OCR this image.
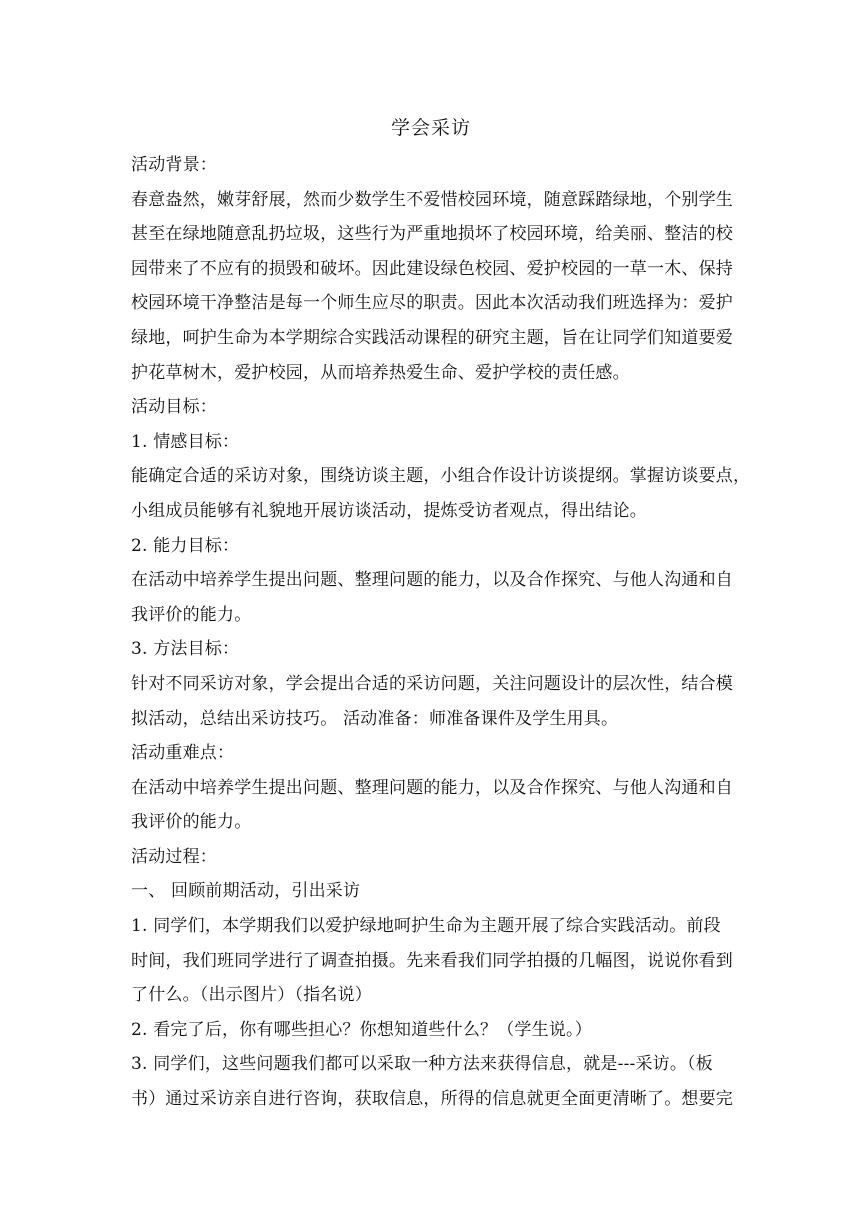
学会采访
活动背景：
春意盎然，嫩芽舒展，然而少数学生不爱惜校园环境，随意踩踏绿地，个别学生
甚至在绿地随意乱扔垃圾，这些行为严重地损坏了校园环境，给美丽、整洁的校
园带来了不应有的损毁和破坏。因此建设绿色校园、爱护校园的一草一木、保持
校园环境干净整洁是每一个师生应尽的职责。因此本次活动我们班选择为：爱护
绿地，呵护生命为本学期综合实践活动课程的研究主题，旨在让同学们知道要爱
护花草树木，爱护校园，从而培养热爱生命、爱护学校的责任感。
活动目标：
1. 情感目标：
能确定合适的采访对象，围绕访谈主题，小组合作设计访谈提纲。掌握访谈要点，
小组成员能够有礼貌地开展访谈活动，提炼受访者观点，得出结论。
2. 能力目标：
在活动中培养学生提出问题、整理问题的能力，以及合作探究、与他人沟通和自
我评价的能力。
3. 方法目标：
针对不同采访对象，学会提出合适的采访问题，关注问题设计的层次性，结合模
拟活动，总结出采访技巧。 活动准备：师准备课件及学生用具。
活动重难点：
在活动中培养学生提出问题、整理问题的能力，以及合作探究、与他人沟通和自
我评价的能力。
活动过程：
一、 回顾前期活动，引出采访
1. 同学们，本学期我们以爱护绿地呵护生命为主题开展了综合实践活动。前段
时间，我们班同学进行了调查拍摄。先来看我们同学拍摄的几幅图，说说你看到
了什么。（出示图片）（指名说）
2. 看完了后，你有哪些担心？你想知道些什么？（学生说。）
3. 同学们，这些问题我们都可以采取一种方法来获得信息，就是---采访。（板
书）通过采访亲自进行咨询，获取信息，所得的信息就更全面更清晰了。想要完
